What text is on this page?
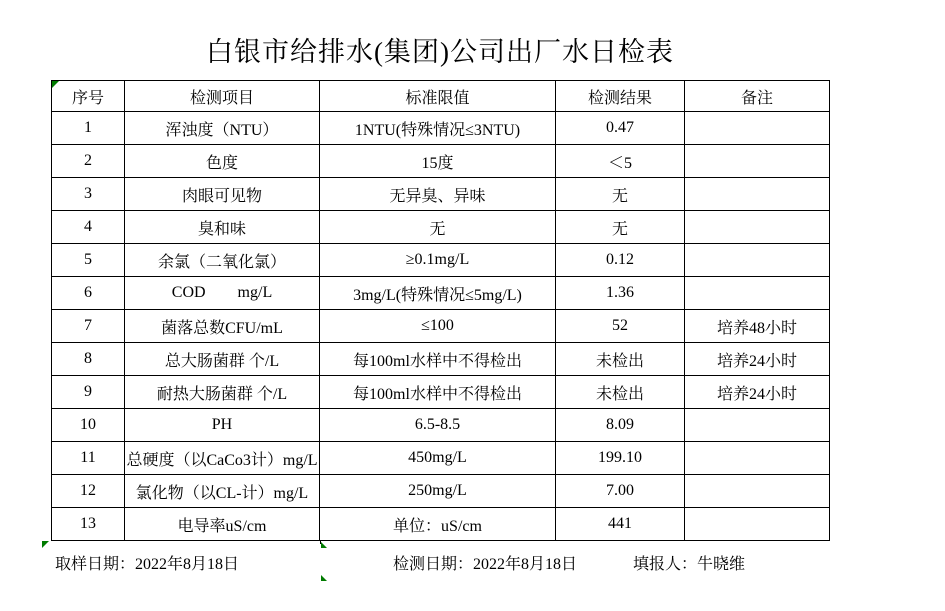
白银市给排水(集团)公司出厂水日检表
序号	检测项目	标准限值	检测结果	备注
1	浑浊度（NTU）	1NTU(特殊情况≤3NTU)	0.47	
2	色度	15度	＜5	
3	肉眼可见物	无异臭、异味	无	
4	臭和味	无	无	
5	余氯（二氧化氯）	≥0.1mg/L	0.12	
6	COD        mg/L	3mg/L(特殊情况≤5mg/L)	1.36	
7	菌落总数CFU/mL	≤100	52	培养48小时
8	总大肠菌群 个/L	每100ml水样中不得检出	未检出	培养24小时
9	耐热大肠菌群 个/L	每100ml水样中不得检出	未检出	培养24小时
10	PH	6.5-8.5	8.09	
11	总硬度（以CaCo3计）mg/L	450mg/L	199.10	
12	氯化物（以CL-计）mg/L	250mg/L	7.00	
13	电导率uS/cm	单位：uS/cm	441	
取样日期：2022年8月18日	检测日期：2022年8月18日	填报人：牛晓维
